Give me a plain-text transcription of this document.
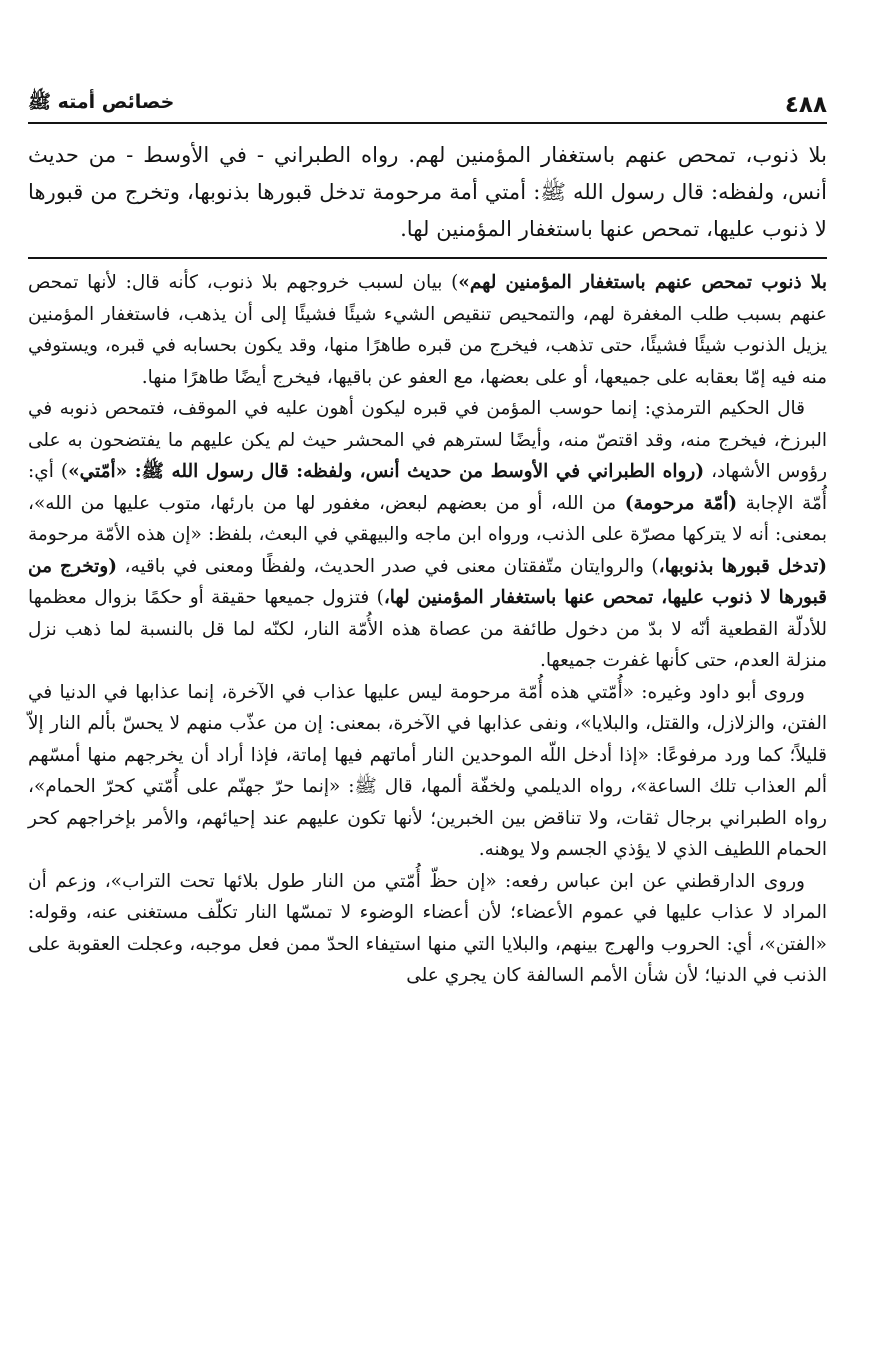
٤٨٨
خصائص أمته ﷺ

بلا ذنوب، تمحص عنهم باستغفار المؤمنين لهم. رواه الطبراني - في الأوسط - من حديث أنس، ولفظه: قال رسول الله ﷺ: أمتي أمة مرحومة تدخل قبورها بذنوبها، وتخرج من قبورها لا ذنوب عليها، تمحص عنها باستغفار المؤمنين لها.

بلا ذنوب تمحص عنهم باستغفار المؤمنين لهم») بيان لسبب خروجهم بلا ذنوب، كأنه قال: لأنها تمحص عنهم بسبب طلب المغفرة لهم، والتمحيص تنقيص الشيء شيئًا فشيئًا إلى أن يذهب، فاستغفار المؤمنين يزيل الذنوب شيئًا فشيئًا، حتى تذهب، فيخرج من قبره طاهرًا منها، وقد يكون بحسابه في قبره، ويستوفي منه فيه إمّا بعقابه على جميعها، أو على بعضها، مع العفو عن باقيها، فيخرج أيضًا طاهرًا منها.

قال الحكيم الترمذي: إنما حوسب المؤمن في قبره ليكون أهون عليه في الموقف، فتمحص ذنوبه في البرزخ، فيخرج منه، وقد اقتصّ منه، وأيضًا لسترهم في المحشر حيث لم يكن عليهم ما يفتضحون به على رؤوس الأشهاد، (رواه الطبراني في الأوسط من حديث أنس، ولفظه: قال رسول الله ﷺ: «أمّتي») أي: أُمّة الإجابة (أمّة مرحومة) من الله، أو من بعضهم لبعض، مغفور لها من بارئها، متوب عليها من الله»، بمعنى: أنه لا يتركها مصرّة على الذنب، ورواه ابن ماجه والبيهقي في البعث، بلفظ: «إن هذه الأمّة مرحومة (تدخل قبورها بذنوبها،) والروايتان متّفقتان معنى في صدر الحديث، ولفظًا ومعنى في باقيه، (وتخرج من قبورها لا ذنوب عليها، تمحص عنها باستغفار المؤمنين لها،) فتزول جميعها حقيقة أو حكمًا بزوال معظمها للأدلّة القطعية أنّه لا بدّ من دخول طائفة من عصاة هذه الأُمّة النار، لكنّه لما قل بالنسبة لما ذهب نزل منزلة العدم، حتى كأنها غفرت جميعها.

وروى أبو داود وغيره: «أُمّتي هذه أُمّة مرحومة ليس عليها عذاب في الآخرة، إنما عذابها في الدنيا في الفتن، والزلازل، والقتل، والبلايا»، ونفى عذابها في الآخرة، بمعنى: إن من عذّب منهم لا يحسّ بألم النار إلاّ قليلاً؛ كما ورد مرفوعًا: «إذا أدخل اللّه الموحدين النار أماتهم فيها إماتة، فإذا أراد أن يخرجهم منها أمسّهم ألم العذاب تلك الساعة»، رواه الديلمي ولخفّة ألمها، قال ﷺ: «إنما حرّ جهنّم على أُمّتي كحرّ الحمام»، رواه الطبراني برجال ثقات، ولا تناقض بين الخبرين؛ لأنها تكون عليهم عند إحيائهم، والأمر بإخراجهم كحر الحمام اللطيف الذي لا يؤذي الجسم ولا يوهنه.

وروى الدارقطني عن ابن عباس رفعه: «إن حظّ أُمّتي من النار طول بلائها تحت التراب»، وزعم أن المراد لا عذاب عليها في عموم الأعضاء؛ لأن أعضاء الوضوء لا تمسّها النار تكلّف مستغنى عنه، وقوله: «الفتن»، أي: الحروب والهرج بينهم، والبلايا التي منها استيفاء الحدّ ممن فعل موجبه، وعجلت العقوبة على الذنب في الدنيا؛ لأن شأن الأمم السالفة كان يجري على
